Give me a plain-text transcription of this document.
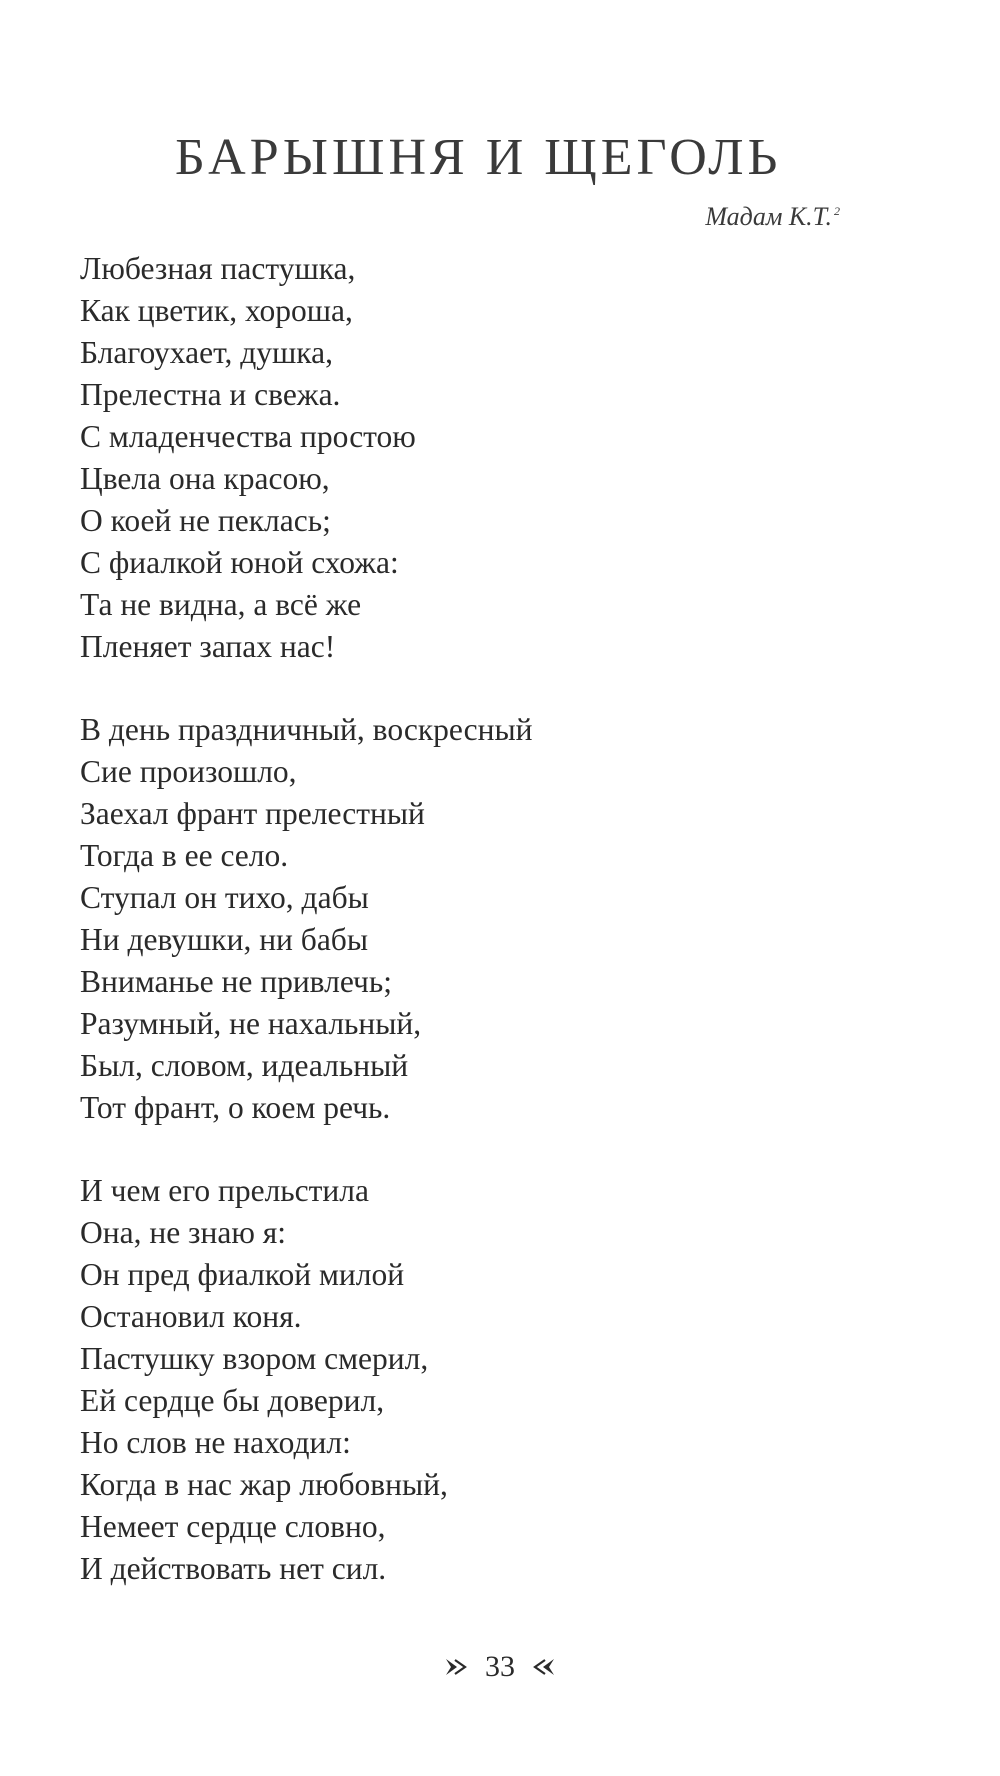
БАРЫШНЯ И ЩЕГОЛЬ
Мадам К.Т. $^2$
Любезная пастушка,
Как цветик, хороша,
Благоухает, душка,
Прелестна и свежа.
С младенчества простою
Цвела она красою,
О коей не пеклась;
С фиалкой юной схожа:
Та не видна, а всё же
Пленяет запах нас!
В день праздничный, воскресный
Сие произошло,
Заехал франт прелестный
Тогда в ее село.
Ступал он тихо, дабы
Ни девушки, ни бабы
Вниманье не привлечь;
Разумный, не нахальный,
Был, словом, идеальный
Тот франт, о коем речь.
И чем его прельстила
Она, не знаю я:
Он пред фиалкой милой
Остановил коня.
Пастушку взором смерил,
Ей сердце бы доверил,
Но слов не находил:
Когда в нас жар любовный,
Немеет сердце словно,
И действовать нет сил.
33
